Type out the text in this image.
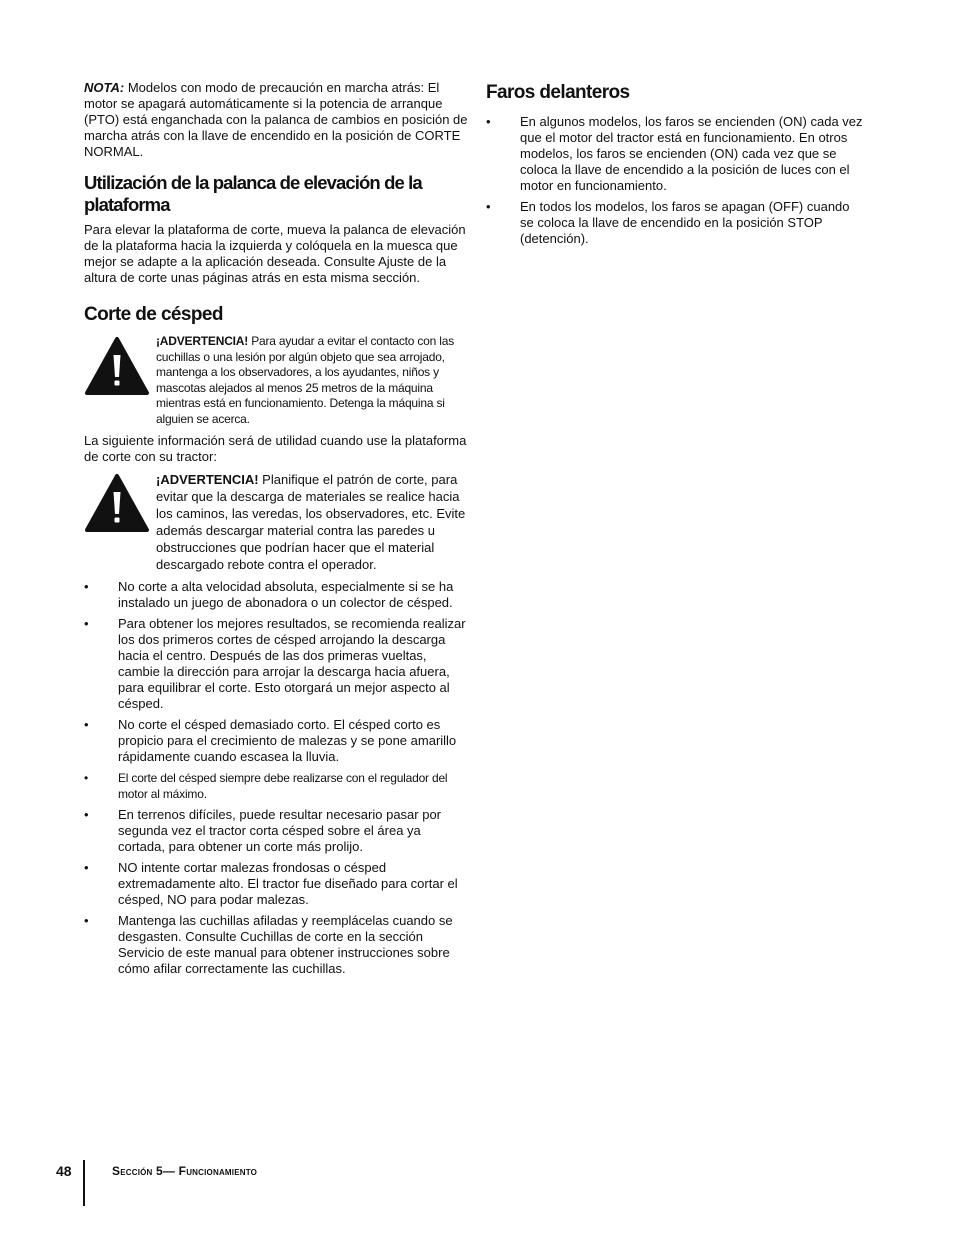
NOTA: Modelos con modo de precaución en marcha atrás: El motor se apagará automáticamente si la potencia de arranque (PTO) está enganchada con la palanca de cambios en posición de marcha atrás con la llave de encendido en la posición de CORTE NORMAL.

Utilización de la palanca de elevación de la plataforma

Para elevar la plataforma de corte, mueva la palanca de elevación de la plataforma hacia la izquierda y colóquela en la muesca que mejor se adapte a la aplicación deseada. Consulte Ajuste de la altura de corte unas páginas atrás en esta misma sección.

Corte de césped

¡ADVERTENCIA! Para ayudar a evitar el contacto con las cuchillas o una lesión por algún objeto que sea arrojado, mantenga a los observadores, a los ayudantes, niños y mascotas alejados al menos 25 metros de la máquina mientras está en funcionamiento. Detenga la máquina si alguien se acerca.

La siguiente información será de utilidad cuando use la plataforma de corte con su tractor:

¡ADVERTENCIA! Planifique el patrón de corte, para evitar que la descarga de materiales se realice hacia los caminos, las veredas, los observadores, etc. Evite además descargar material contra las paredes u obstrucciones que podrían hacer que el material descargado rebote contra el operador.

• No corte a alta velocidad absoluta, especialmente si se ha instalado un juego de abonadora o un colector de césped.
• Para obtener los mejores resultados, se recomienda realizar los dos primeros cortes de césped arrojando la descarga hacia el centro. Después de las dos primeras vueltas, cambie la dirección para arrojar la descarga hacia afuera, para equilibrar el corte. Esto otorgará un mejor aspecto al césped.
• No corte el césped demasiado corto. El césped corto es propicio para el crecimiento de malezas y se pone amarillo rápidamente cuando escasea la lluvia.
• El corte del césped siempre debe realizarse con el regulador del motor al máximo.
• En terrenos difíciles, puede resultar necesario pasar por segunda vez el tractor corta césped sobre el área ya cortada, para obtener un corte más prolijo.
• NO intente cortar malezas frondosas o césped extremadamente alto. El tractor fue diseñado para cortar el césped, NO para podar malezas.
• Mantenga las cuchillas afiladas y reemplácelas cuando se desgasten. Consulte Cuchillas de corte en la sección Servicio de este manual para obtener instrucciones sobre cómo afilar correctamente las cuchillas.
Faros delanteros
• En algunos modelos, los faros se encienden (ON) cada vez que el motor del tractor está en funcionamiento. En otros modelos, los faros se encienden (ON) cada vez que se coloca la llave de encendido a la posición de luces con el motor en funcionamiento.
• En todos los modelos, los faros se apagan (OFF) cuando se coloca la llave de encendido en la posición STOP (detención).
48	Sección 5— Funcionamiento
